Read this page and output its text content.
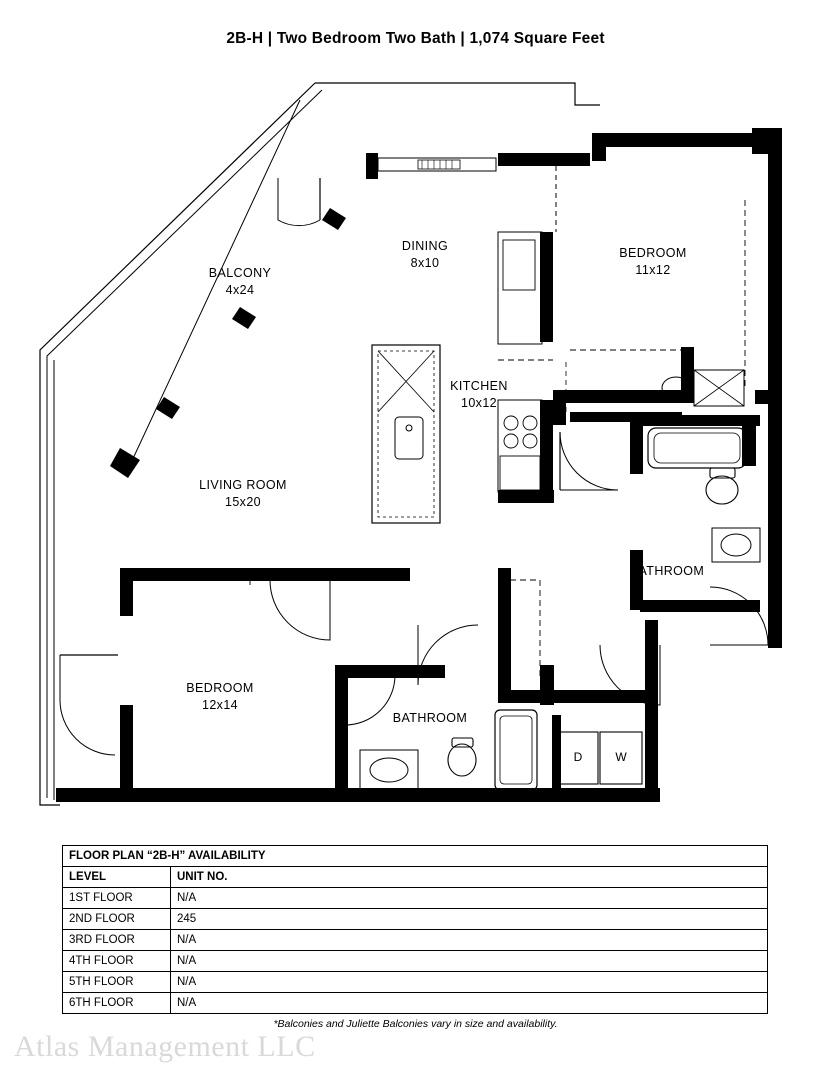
2B-H | Two Bedroom Two Bath | 1,074 Square Feet
BALCONY
4x24
DINING
8x10
BEDROOM
11x12
KITCHEN
10x12
LIVING ROOM
15x20
BATHROOM
BEDROOM
12x14
BATHROOM
D	W
FLOOR PLAN “2B-H” AVAILABILITY	
LEVEL	UNIT NO.
1ST FLOOR	N/A
2ND FLOOR	245
3RD FLOOR	N/A
4TH FLOOR	N/A
5TH FLOOR	N/A
6TH FLOOR	N/A
*Balconies and Juliette Balconies vary in size and availability.
Atlas Management LLC
